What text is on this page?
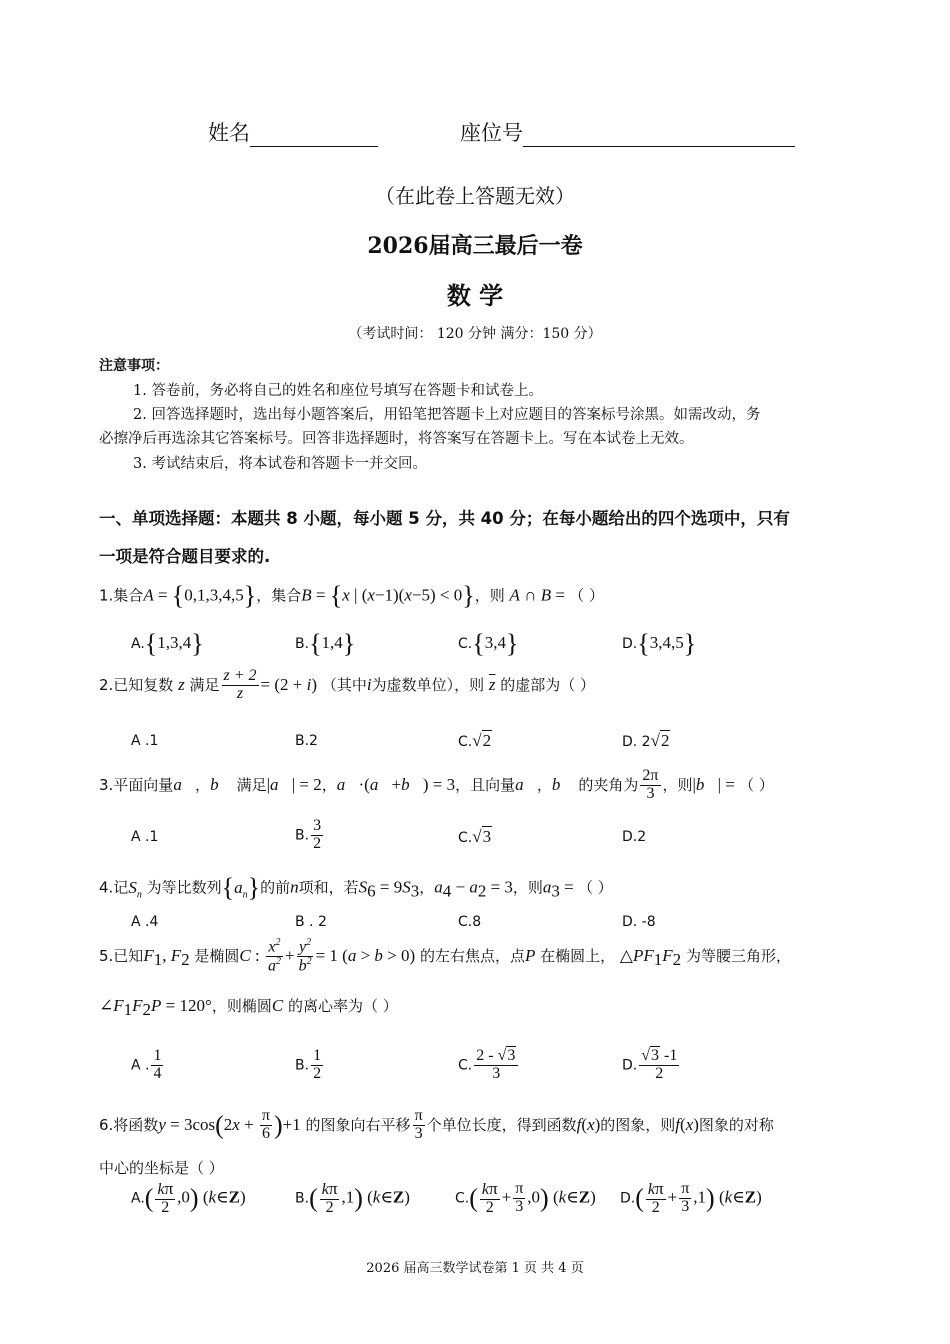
姓名	座位号
（在此卷上答题无效）
2026届高三最后一卷
数 学
（考试时间： 120 分钟 满分：150 分）
注意事项：
1. 答卷前，务必将自己的姓名和座位号填写在答题卡和试卷上。
2. 回答选择题时，选出每小题答案后，用铅笔把答题卡上对应题目的答案标号涂黑。如需改动，务
必擦净后再选涂其它答案标号。回答非选择题时，将答案写在答题卡上。写在本试卷上无效。
3. 考试结束后，将本试卷和答题卡一并交回。
一、单项选择题：本题共 8 小题，每小题 5 分，共 40 分；在每小题给出的四个选项中，只有
一项是符合题目要求的.
1.集合A = {0,1,3,4,5}，集合B = {x | (x−1)(x−5) < 0}，则 A ∩ B = （ ）
A.{1,3,4}	B.{1,4}	C.{3,4}	D.{3,4,5}
2.已知复数 z 满足 $\frac{z + 2}{z} = (2 + i)$ （其中i为虚数单位），则 $\overline{z}$ 的虚部为（ ）
A .1	B.2	C.√2	D. 2√2
3.平面向量a⃗，b⃗ 满足|a⃗| = 2，a⃗·(a⃗+b⃗) = 3，且向量a⃗，b⃗ 的夹角为 $\frac{2\pi}{3}$ ，则|b⃗| = （ ）
A .1	B. $\frac{3}{2}$	C.√3	D.2
4.记$S_n$ 为等比数列$\{a_n\}$的前n项和，若$S_6 = 9S_3$，$a_4 - a_2 = 3$，则$a_3$ = （ ）
A .4	B . 2	C.8	D. -8
5.已知$F_1$, $F_2$ 是椭圆C : $\frac{x^2}{a^2} + \frac{y^2}{b^2} = 1$ (a > b > 0) 的左右焦点，点P 在椭圆上， $\triangle PF_1F_2$ 为等腰三角形，
$\angle F_1F_2P = 120^\circ$，则椭圆C 的离心率为（ ）
A . $\frac{1}{4}$	B. $\frac{1}{2}$	C. $\frac{2 - √3}{3}$	D. $\frac{√3 -1}{2}$
6.将函数$y = 3\cos(2x + \frac{\pi}{6} )+1$ 的图象向右平移 $\frac{\pi}{3}$ 个单位长度，得到函数f(x)的图象，则f(x)图象的对称
中心的坐标是（ ）
$A.( \frac{k\pi}{2} ,0)$ (k∈Z)	$B.( \frac{k\pi}{2} ,1)$ (k∈Z)	$C.( \frac{k\pi}{2} + \frac{\pi}{3} ,0)$ (k∈Z) $D.( \frac{k\pi}{2} + \frac{\pi}{3} ,1)$ (k∈Z)
2026 届高三数学试卷第 1 页 共 4 页
